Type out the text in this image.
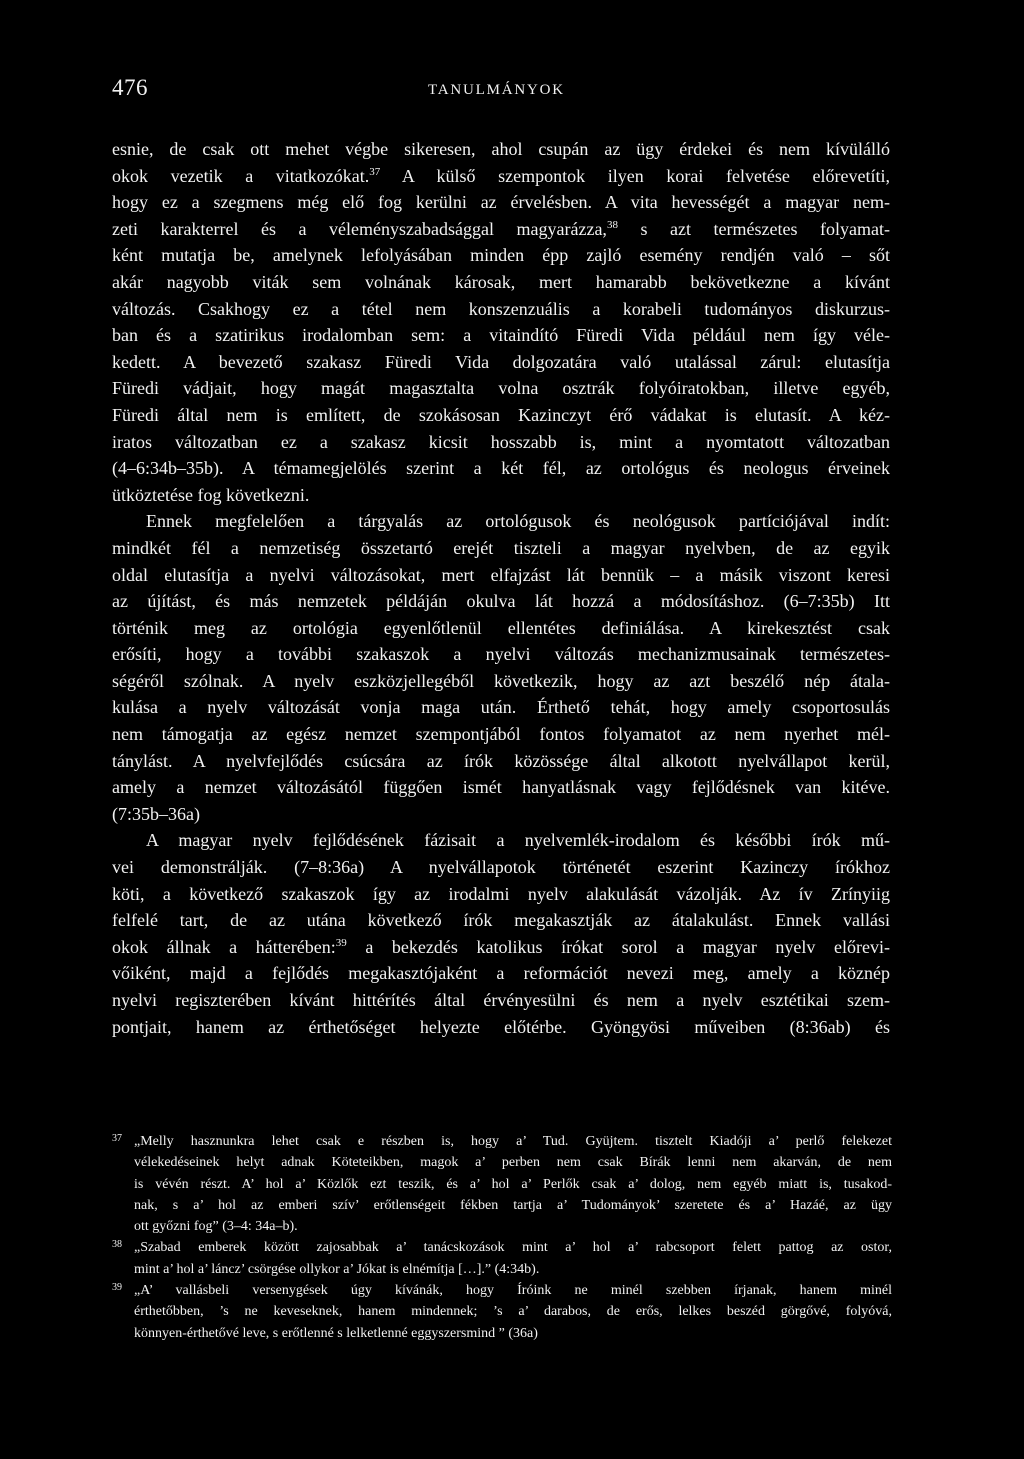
476	TANULMÁNYOK
esnie, de csak ott mehet végbe sikeresen, ahol csupán az ügy érdekei és nem kívülálló
okok vezetik a vitatkozókat.$^{37}$ A külső szempontok ilyen korai felvetése előrevetíti,
hogy ez a szegmens még elő fog kerülni az érvelésben. A vita hevességét a magyar nem-
zeti karakterrel és a véleményszabadsággal magyarázza,$^{38}$ s azt természetes folyamat-
ként mutatja be, amelynek lefolyásában minden épp zajló esemény rendjén való – sőt
akár nagyobb viták sem volnának károsak, mert hamarabb bekövetkezne a kívánt
változás. Csakhogy ez a tétel nem konszenzuális a korabeli tudományos diskurzus-
ban és a szatirikus irodalomban sem: a vitaindító Füredi Vida például nem így véle-
kedett. A bevezető szakasz Füredi Vida dolgozatára való utalással zárul: elutasítja
Füredi vádjait, hogy magát magasztalta volna osztrák folyóiratokban, illetve egyéb,
Füredi által nem is említett, de szokásosan Kazinczyt érő vádakat is elutasít. A kéz-
iratos változatban ez a szakasz kicsit hosszabb is, mint a nyomtatott változatban
(4–6:34b–35b). A témamegjelölés szerint a két fél, az ortológus és neologus érveinek
ütköztetése fog következni.
Ennek megfelelően a tárgyalás az ortológusok és neológusok partíciójával indít:
mindkét fél a nemzetiség összetartó erejét tiszteli a magyar nyelvben, de az egyik
oldal elutasítja a nyelvi változásokat, mert elfajzást lát bennük – a másik viszont keresi
az újítást, és más nemzetek példáján okulva lát hozzá a módosításhoz. (6–7:35b) Itt
történik meg az ortológia egyenlőtlenül ellentétes definiálása. A kirekesztést csak
erősíti, hogy a további szakaszok a nyelvi változás mechanizmusainak természetes-
ségéről szólnak. A nyelv eszközjellegéből következik, hogy az azt beszélő nép átala-
kulása a nyelv változását vonja maga után. Érthető tehát, hogy amely csoportosulás
nem támogatja az egész nemzet szempontjából fontos folyamatot az nem nyerhet mél-
tánylást. A nyelvfejlődés csúcsára az írók közössége által alkotott nyelvállapot kerül,
amely a nemzet változásától függően ismét hanyatlásnak vagy fejlődésnek van kitéve.
(7:35b–36a)
A magyar nyelv fejlődésének fázisait a nyelvemlék-irodalom és későbbi írók mű-
vei demonstrálják. (7–8:36a) A nyelvállapotok történetét eszerint Kazinczy írókhoz
köti, a következő szakaszok így az irodalmi nyelv alakulását vázolják. Az ív Zrínyiig
felfelé tart, de az utána következő írók megakasztják az átalakulást. Ennek vallási
okok állnak a hátterében:$^{39}$ a bekezdés katolikus írókat sorol a magyar nyelv előrevi-
vőiként, majd a fejlődés megakasztójaként a reformációt nevezi meg, amely a köznép
nyelvi regiszterében kívánt hittérítés által érvényesülni és nem a nyelv esztétikai szem-
pontjait, hanem az érthetőséget helyezte előtérbe. Gyöngyösi műveiben (8:36ab) és
37 „Melly hasznunkra lehet csak e részben is, hogy a’ Tud. Gyüjtem. tisztelt Kiadóji a’ perlő felekezet
vélekedéseinek helyt adnak Köteteikben, magok a’ perben nem csak Bírák lenni nem akarván, de nem
is vévén részt. A’ hol a’ Közlők ezt teszik, és a’ hol a’ Perlők csak a’ dolog, nem egyéb miatt is, tusakod-
nak, s a’ hol az emberi szív’ erőtlenségeit fékben tartja a’ Tudományok’ szeretete és a’ Hazáé, az ügy
ott győzni fog” (3–4: 34a–b).
38 „Szabad emberek között zajosabbak a’ tanácskozások mint a’ hol a’ rabcsoport felett pattog az ostor,
mint a’ hol a’ láncz’ csörgése ollykor a’ Jókat is elnémítja […].” (4:34b).
39 „A’ vallásbeli versenygések úgy kívánák, hogy Íróink ne minél szebben írjanak, hanem minél
érthetőbben, ’s ne keveseknek, hanem mindennek; ’s a’ darabos, de erős, lelkes beszéd görgővé, folyóvá,
könnyen-érthetővé leve, s erőtlenné s lelketlenné eggyszersmind ” (36a)
